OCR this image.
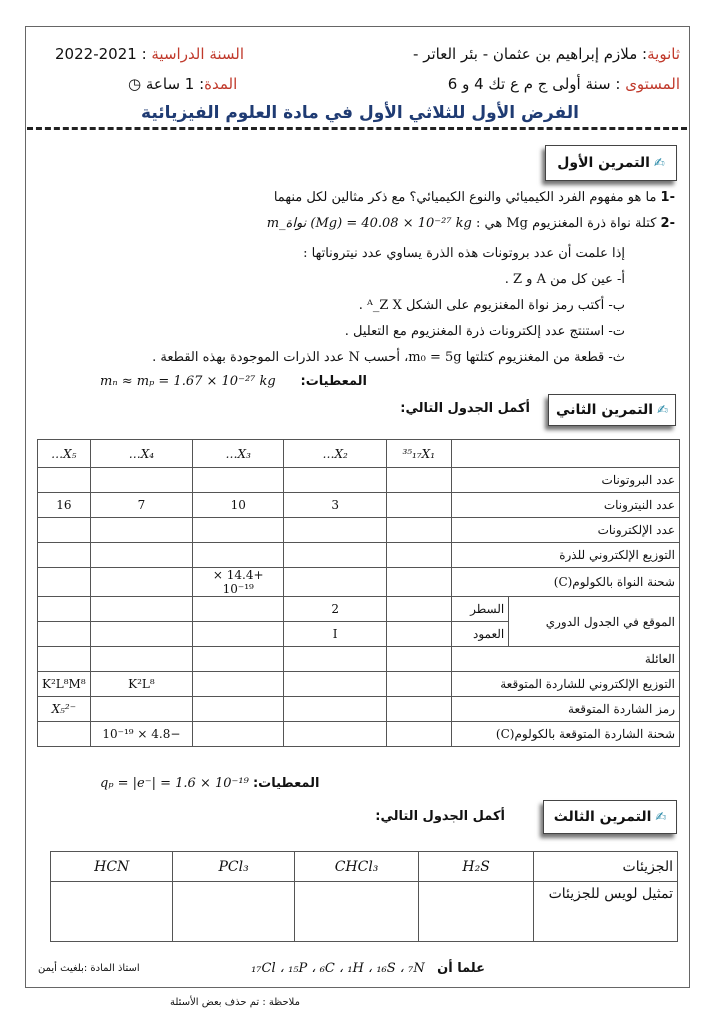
ثانوية: ملازم إبراهيم بن عثمان - بئر العاتر -
السنة الدراسية : 2021-2022
المستوى : سنة أولى ج م ع تك 4 و 6
المدة: 1 ساعة ◷
الفرض الأول للثلاثي الأول في مادة العلوم الفيزيائية
✍
التمرين الأول
-1 ما هو مفهوم الفرد الكيميائي والنوع الكيميائي؟ مع ذكر مثالين لكل منهما
-2 كتلة نواة ذرة المغنزيوم Mg هي : m_نواة (Mg) = 40.08 × 10⁻²⁷ kg
إذا علمت أن عدد بروتونات هذه الذرة يساوي عدد نيتروناتها :
أ- عين كل من A و Z .
ب- أكتب رمز نواة المغنزيوم على الشكل ᴬ_Z X .
ت- استنتج عدد إلكترونات ذرة المغنزيوم مع التعليل .
ث- قطعة من المغنزيوم كتلتها m₀ = 5g، أحسب N عدد الذرات الموجودة بهذه القطعة .
المعطيات:      mₙ ≈ mₚ = 1.67 × 10⁻²⁷ kg
✍
التمرين الثاني
أكمل الجدول التالي:
		³⁵₁₇X₁	…X₂	…X₃	…X₄	…X₅
عدد البروتونات						
عدد النيترونات			3	10	7	16
عدد الإلكترونات						
التوزيع الإلكتروني للذرة						
شحنة النواة بالكولوم(C)				+14.4 × 10⁻¹⁹		
الموقع في الجدول الدوري	السطر		2			
	العمود		I			
العائلة						
التوزيع الإلكتروني للشاردة المتوقعة					K²L⁸	K²L⁸M⁸
رمز الشاردة المتوقعة						X₅²⁻
شحنة الشاردة المتوقعة بالكولوم(C)					−4.8 × 10⁻¹⁹	
المعطيات: qₚ = |e⁻| = 1.6 × 10⁻¹⁹
✍
التمرين الثالث
أكمل الجدول التالي:
الجزيئات	H₂S	CHCl₃	PCl₃	HCN
تمثيل لويس للجزيئات				
علما أن   ₁₇Cl ، ₁₅P ، ₆C ، ₁H ، ₁₆S ، ₇N
استاذ المادة :بلغيث أيمن
ملاحظة : تم حذف بعض الأسئلة
